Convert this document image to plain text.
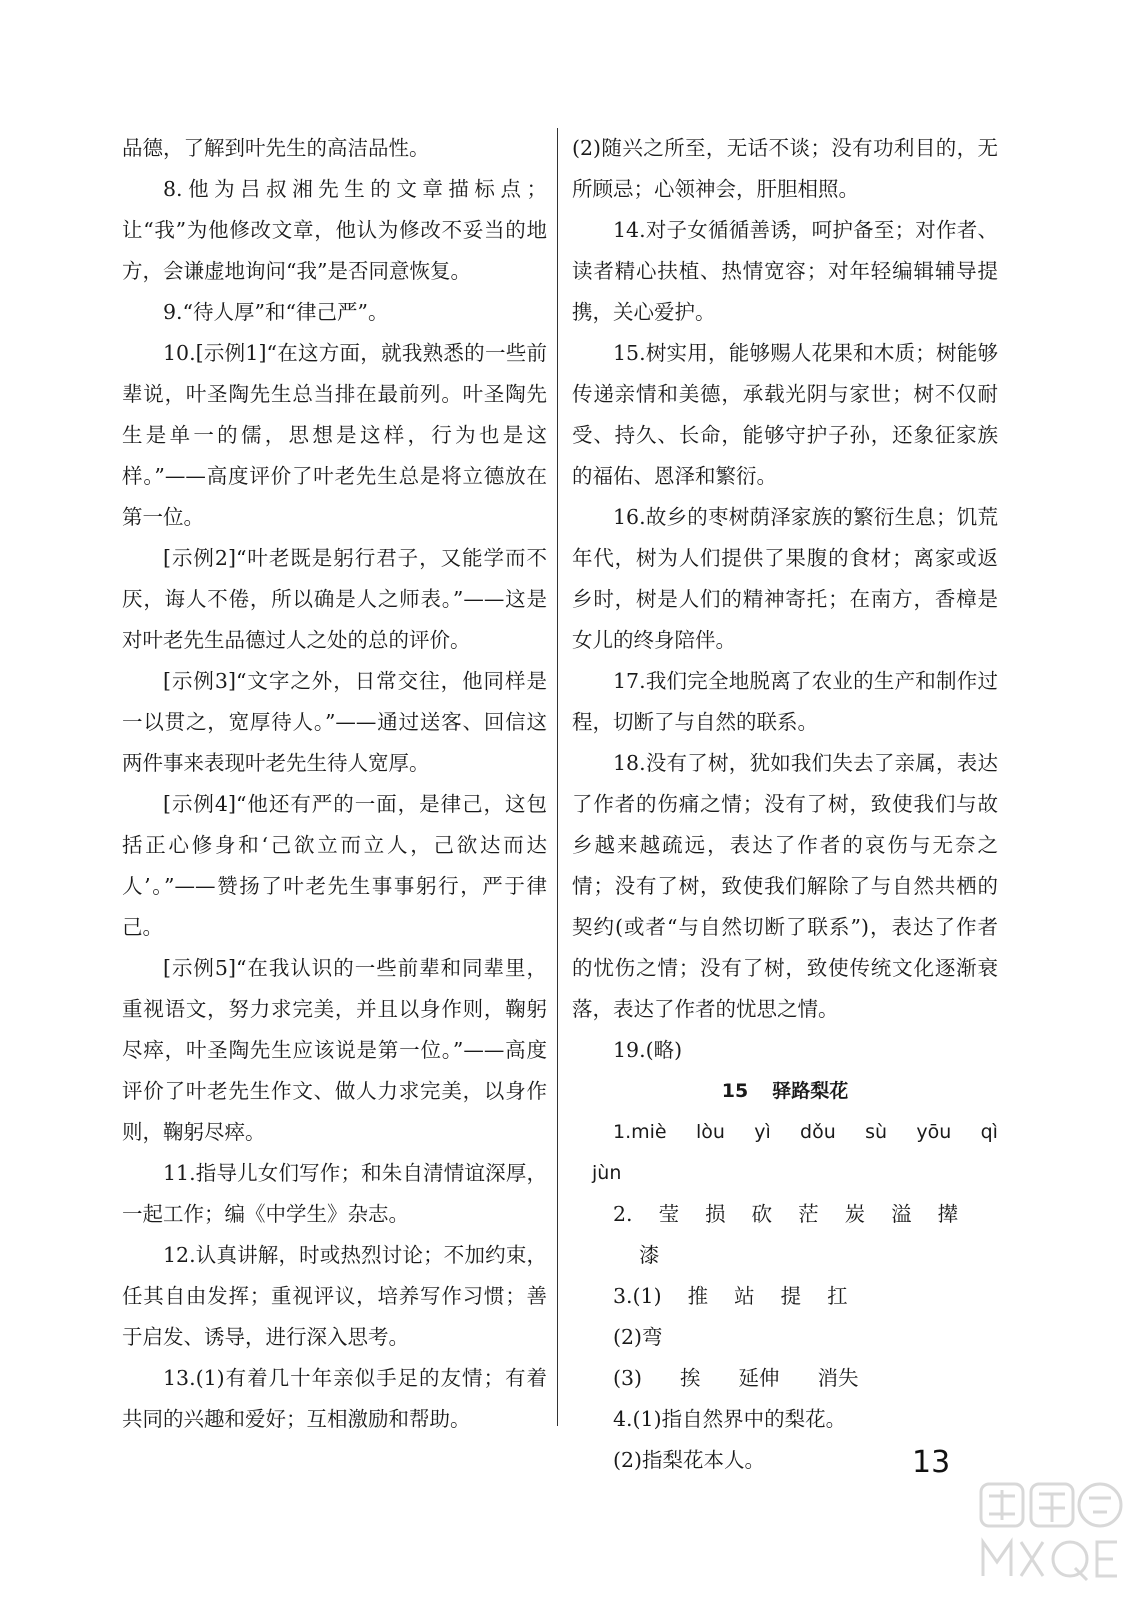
品德，了解到叶先生的高洁品性。

8.他为吕叔湘先生的文章描标点；让“我”为他修改文章，他认为修改不妥当的地方，会谦虚地询问“我”是否同意恢复。

9.“待人厚”和“律己严”。

10.[示例1]“在这方面，就我熟悉的一些前辈说，叶圣陶先生总当排在最前列。叶圣陶先生是单一的儒，思想是这样，行为也是这样。”——高度评价了叶老先生总是将立德放在第一位。

[示例2]“叶老既是躬行君子，又能学而不厌，诲人不倦，所以确是人之师表。”——这是对叶老先生品德过人之处的总的评价。

[示例3]“文字之外，日常交往，他同样是一以贯之，宽厚待人。”——通过送客、回信这两件事来表现叶老先生待人宽厚。

[示例4]“他还有严的一面，是律己，这包括正心修身和‘己欲立而立人，己欲达而达人’。”——赞扬了叶老先生事事躬行，严于律己。

[示例5]“在我认识的一些前辈和同辈里，重视语文，努力求完美，并且以身作则，鞠躬尽瘁，叶圣陶先生应该说是第一位。”——高度评价了叶老先生作文、做人力求完美，以身作则，鞠躬尽瘁。

11.指导儿女们写作；和朱自清情谊深厚，一起工作；编《中学生》杂志。

12.认真讲解，时或热烈讨论；不加约束，任其自由发挥；重视评议，培养写作习惯；善于启发、诱导，进行深入思考。

13.(1)有着几十年亲似手足的友情；有着共同的兴趣和爱好；互相激励和帮助。

(2)随兴之所至，无话不谈；没有功利目的，无所顾忌；心领神会，肝胆相照。

14.对子女循循善诱，呵护备至；对作者、读者精心扶植、热情宽容；对年轻编辑辅导提携，关心爱护。

15.树实用，能够赐人花果和木质；树能够传递亲情和美德，承载光阴与家世；树不仅耐受、持久、长命，能够守护子孙，还象征家族的福佑、恩泽和繁衍。

16.故乡的枣树荫泽家族的繁衍生息；饥荒年代，树为人们提供了果腹的食材；离家或返乡时，树是人们的精神寄托；在南方，香樟是女儿的终身陪伴。

17.我们完全地脱离了农业的生产和制作过程，切断了与自然的联系。

18.没有了树，犹如我们失去了亲属，表达了作者的伤痛之情；没有了树，致使我们与故乡越来越疏远，表达了作者的哀伤与无奈之情；没有了树，致使我们解除了与自然共栖的契约(或者“与自然切断了联系”)，表达了作者的忧伤之情；没有了树，致使传统文化逐渐衰落，表达了作者的忧思之情。

19.(略)

15 驿路梨花

1.miè lòu yì dǒu sù yōu qì

jùn

2. 莹 损 砍 茫 炭 溢 撵漆

3.(1) 推 站 提 扛

(2)弯

(3) 挨 延伸 消失

4.(1)指自然界中的梨花。

(2)指梨花本人。	13
